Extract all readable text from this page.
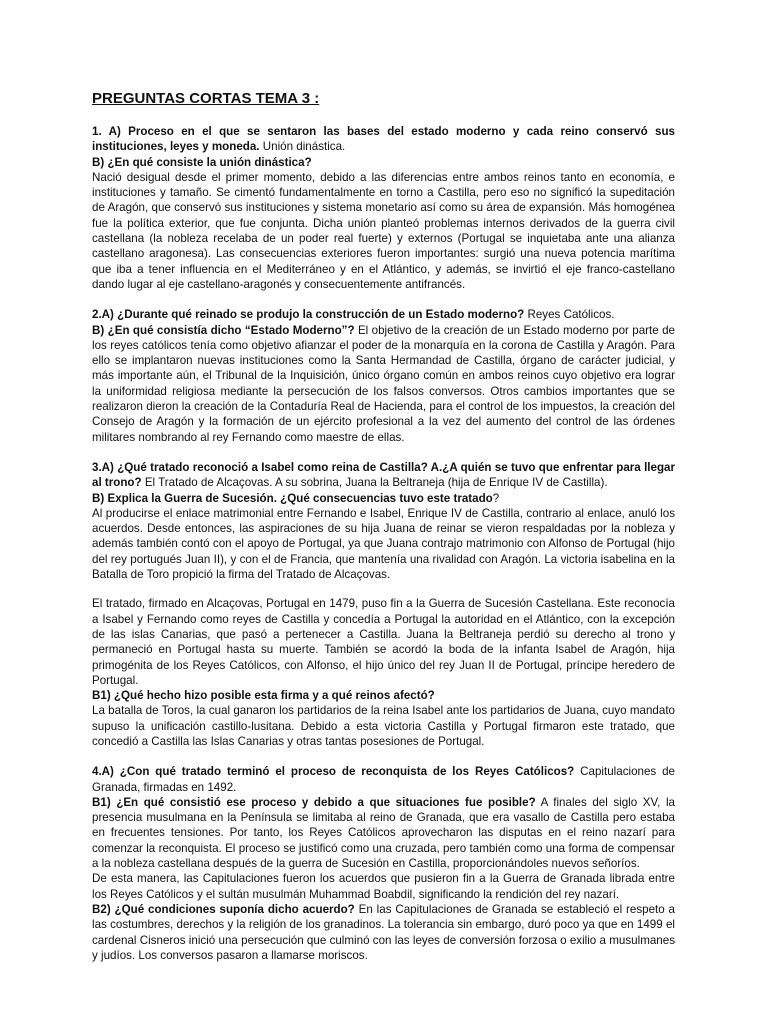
PREGUNTAS CORTAS TEMA 3 :

1. A) Proceso en el que se sentaron las bases del estado moderno y cada reino conservó sus instituciones, leyes y moneda. Unión dinástica.

B) ¿En qué consiste la unión dinástica?

Nació desigual desde el primer momento, debido a las diferencias entre ambos reinos tanto en economía, e instituciones y tamaño. Se cimentó fundamentalmente en torno a Castilla, pero eso no significó la supeditación de Aragón, que conservó sus instituciones y sistema monetario así como su área de expansión. Más homogénea fue la política exterior, que fue conjunta. Dicha unión planteó problemas internos derivados de la guerra civil castellana (la nobleza recelaba de un poder real fuerte) y externos (Portugal se inquietaba ante una alianza castellano aragonesa). Las consecuencias exteriores fueron importantes: surgió una nueva potencia marítima que iba a tener influencia en el Mediterráneo y en el Atlántico, y además, se invirtió el eje franco-castellano dando lugar al eje castellano-aragonés y consecuentemente antifrancés.

2.A) ¿Durante qué reinado se produjo la construcción de un Estado moderno? Reyes Católicos.

B) ¿En qué consistía dicho “Estado Moderno”? El objetivo de la creación de un Estado moderno por parte de los reyes católicos tenía como objetivo afianzar el poder de la monarquía en la corona de Castilla y Aragón. Para ello se implantaron nuevas instituciones como la Santa Hermandad de Castilla, órgano de carácter judicial, y más importante aún, el Tribunal de la Inquisición, único órgano común en ambos reinos cuyo objetivo era lograr la uniformidad religiosa mediante la persecución de los falsos conversos. Otros cambios importantes que se realizaron dieron la creación de la Contaduría Real de Hacienda, para el control de los impuestos, la creación del Consejo de Aragón y la formación de un ejército profesional a la vez del aumento del control de las órdenes militares nombrando al rey Fernando como maestre de ellas.

3.A) ¿Qué tratado reconoció a Isabel como reina de Castilla? A.¿A quién se tuvo que enfrentar para llegar al trono? El Tratado de Alcaçovas. A su sobrina, Juana la Beltraneja (hija de Enrique IV de Castilla).

B) Explica la Guerra de Sucesión. ¿Qué consecuencias tuvo este tratado?

Al producirse el enlace matrimonial entre Fernando e Isabel, Enrique IV de Castilla, contrario al enlace, anuló los acuerdos. Desde entonces, las aspiraciones de su hija Juana de reinar se vieron respaldadas por la nobleza y además también contó con el apoyo de Portugal, ya que Juana contrajo matrimonio con Alfonso de Portugal (hijo del rey portugués Juan II), y con el de Francia, que mantenía una rivalidad con Aragón. La victoria isabelina en la Batalla de Toro propició la firma del Tratado de Alcaçovas.

El tratado, firmado en Alcaçovas, Portugal en 1479, puso fin a la Guerra de Sucesión Castellana. Este reconocía a Isabel y Fernando como reyes de Castilla y concedía a Portugal la autoridad en el Atlántico, con la excepción de las islas Canarias, que pasó a pertenecer a Castilla. Juana la Beltraneja perdió su derecho al trono y permaneció en Portugal hasta su muerte. También se acordó la boda de la infanta Isabel de Aragón, hija primogénita de los Reyes Católicos, con Alfonso, el hijo único del rey Juan II de Portugal, príncipe heredero de Portugal.

B1) ¿Qué hecho hizo posible esta firma y a qué reinos afectó?

La batalla de Toros, la cual ganaron los partidarios de la reina Isabel ante los partidarios de Juana, cuyo mandato supuso la unificación castillo-lusitana. Debido a esta victoria Castilla y Portugal firmaron este tratado, que concedió a Castilla las Islas Canarias y otras tantas posesiones de Portugal.

4.A) ¿Con qué tratado terminó el proceso de reconquista de los Reyes Católicos? Capitulaciones de Granada, firmadas en 1492.

B1) ¿En qué consistió ese proceso y debido a que situaciones fue posible? A finales del siglo XV, la presencia musulmana en la Península se limitaba al reino de Granada, que era vasallo de Castilla pero estaba en frecuentes tensiones. Por tanto, los Reyes Católicos aprovecharon las disputas en el reino nazarí para comenzar la reconquista. El proceso se justificó como una cruzada, pero también como una forma de compensar a la nobleza castellana después de la guerra de Sucesión en Castilla, proporcionándoles nuevos señoríos.

De esta manera, las Capitulaciones fueron los acuerdos que pusieron fin a la Guerra de Granada librada entre los Reyes Católicos y el sultán musulmán Muhammad Boabdil, significando la rendición del rey nazarí.

B2) ¿Qué condiciones suponía dicho acuerdo? En las Capitulaciones de Granada se estableció el respeto a las costumbres, derechos y la religión de los granadinos. La tolerancia sin embargo, duró poco ya que en 1499 el cardenal Cisneros inició una persecución que culminó con las leyes de conversión forzosa o exilio a musulmanes y judíos. Los conversos pasaron a llamarse moriscos.
